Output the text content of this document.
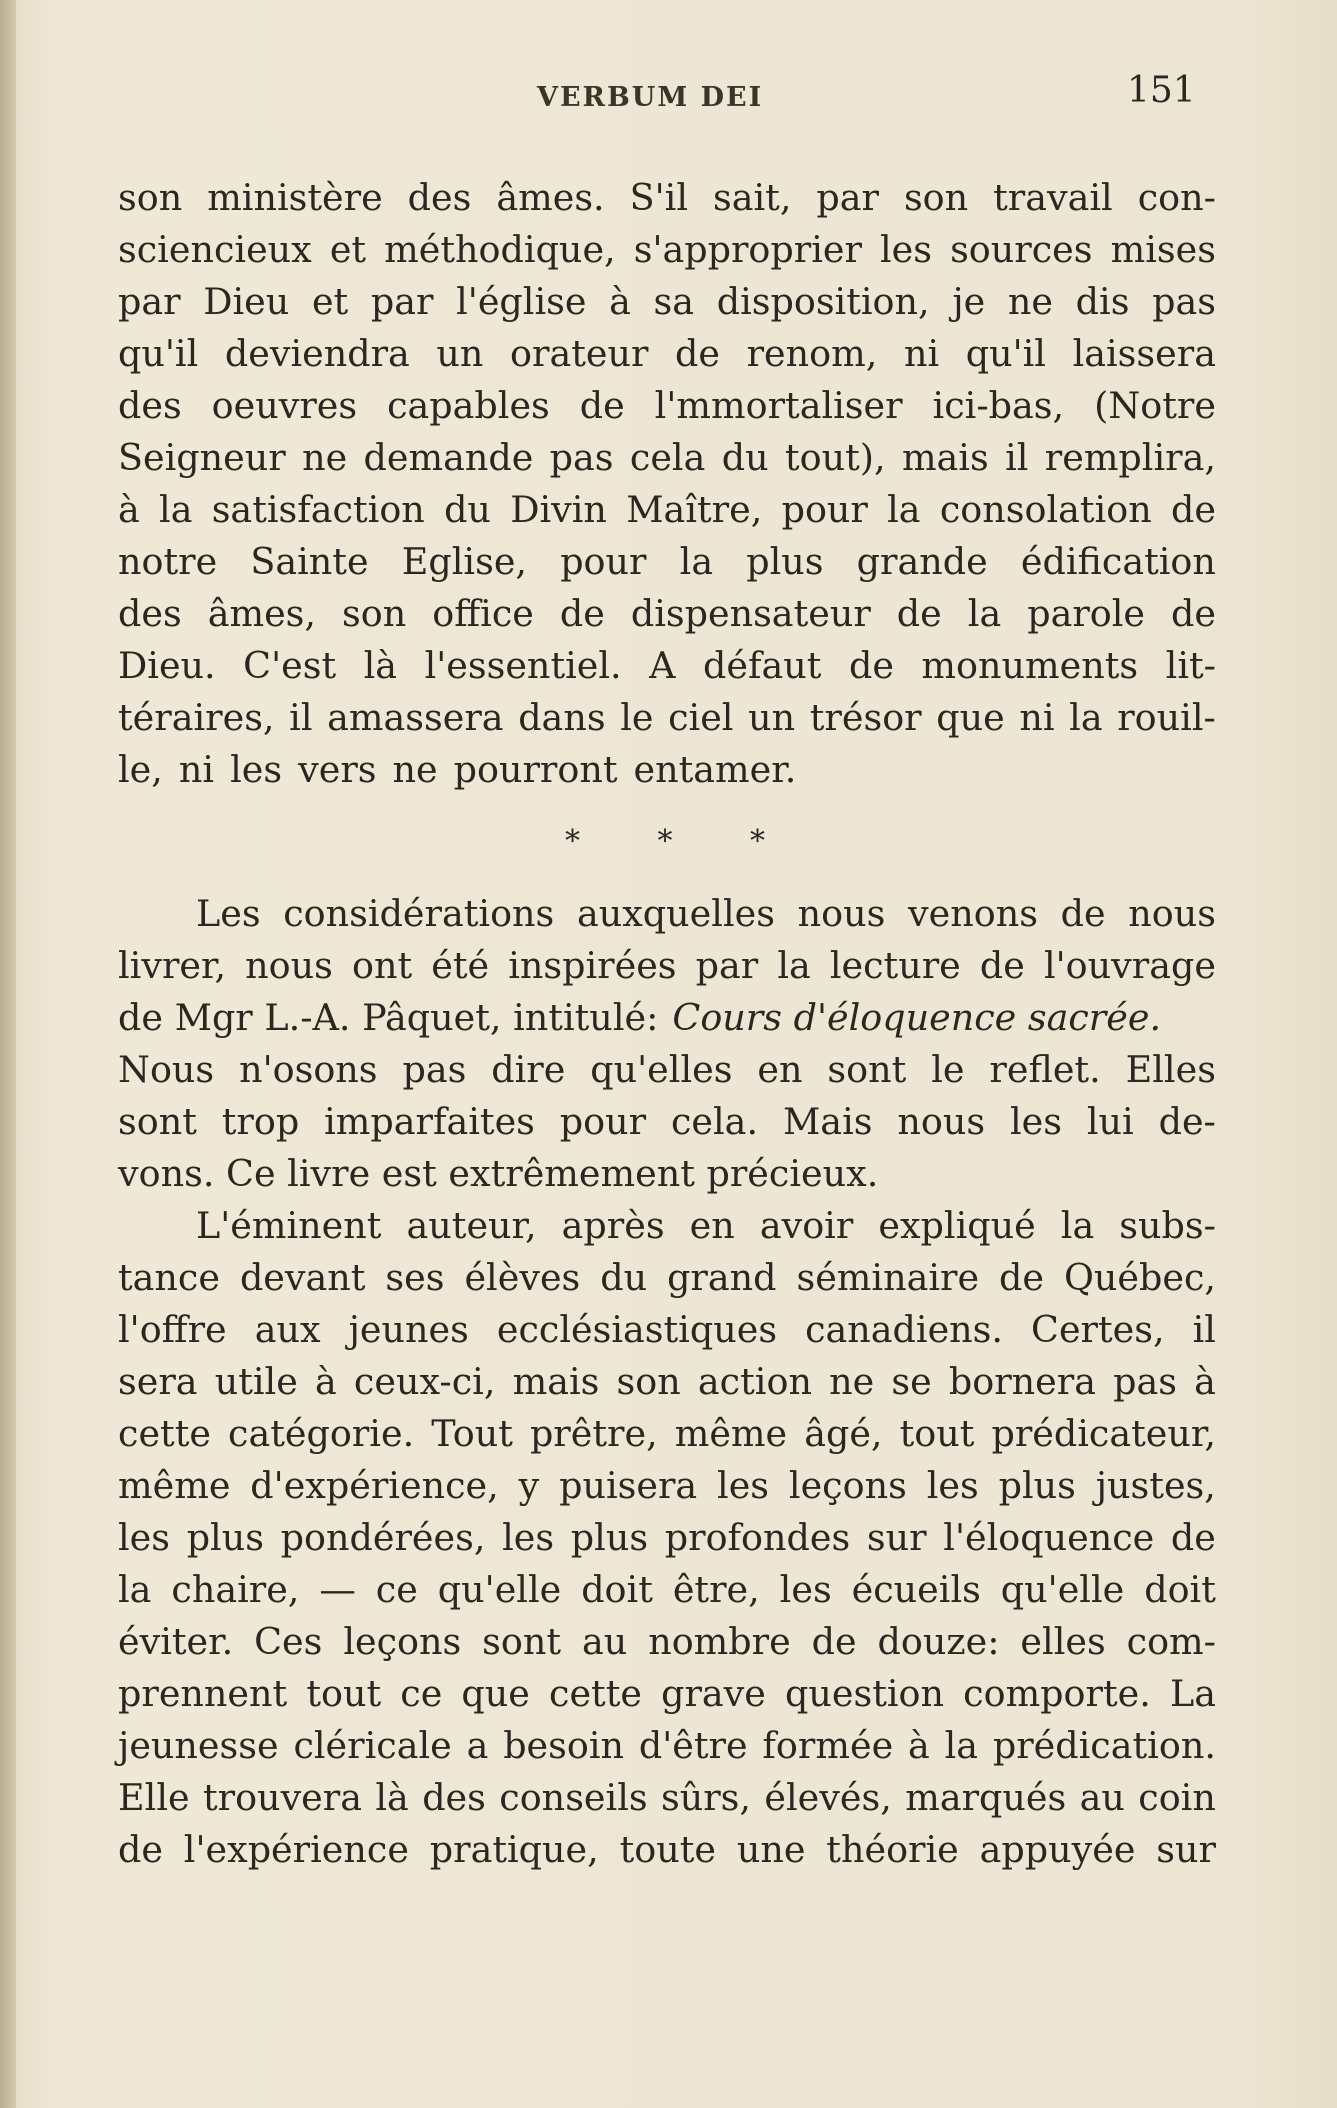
VERBUM DEI	151
son ministère des âmes. S'il sait, par son travail con-
sciencieux et méthodique, s'approprier les sources mises
par Dieu et par l'église à sa disposition, je ne dis pas
qu'il deviendra un orateur de renom, ni qu'il laissera
des oeuvres capables de l'mmortaliser ici-bas, (Notre
Seigneur ne demande pas cela du tout), mais il remplira,
à la satisfaction du Divin Maître, pour la consolation de
notre Sainte Eglise, pour la plus grande édification
des âmes, son office de dispensateur de la parole de
Dieu. C'est là l'essentiel. A défaut de monuments lit-
téraires, il amassera dans le ciel un trésor que ni la rouil-
le, ni les vers ne pourront entamer.
* * *
Les considérations auxquelles nous venons de nous
livrer, nous ont été inspirées par la lecture de l'ouvrage
de Mgr L.-A. Pâquet, intitulé: Cours d'éloquence sacrée.
Nous n'osons pas dire qu'elles en sont le reflet. Elles
sont trop imparfaites pour cela. Mais nous les lui de-
vons. Ce livre est extrêmement précieux.
L'éminent auteur, après en avoir expliqué la subs-
tance devant ses élèves du grand séminaire de Québec,
l'offre aux jeunes ecclésiastiques canadiens. Certes, il
sera utile à ceux-ci, mais son action ne se bornera pas à
cette catégorie. Tout prêtre, même âgé, tout prédicateur,
même d'expérience, y puisera les leçons les plus justes,
les plus pondérées, les plus profondes sur l'éloquence de
la chaire, — ce qu'elle doit être, les écueils qu'elle doit
éviter. Ces leçons sont au nombre de douze: elles com-
prennent tout ce que cette grave question comporte. La
jeunesse cléricale a besoin d'être formée à la prédication.
Elle trouvera là des conseils sûrs, élevés, marqués au coin
de l'expérience pratique, toute une théorie appuyée sur
